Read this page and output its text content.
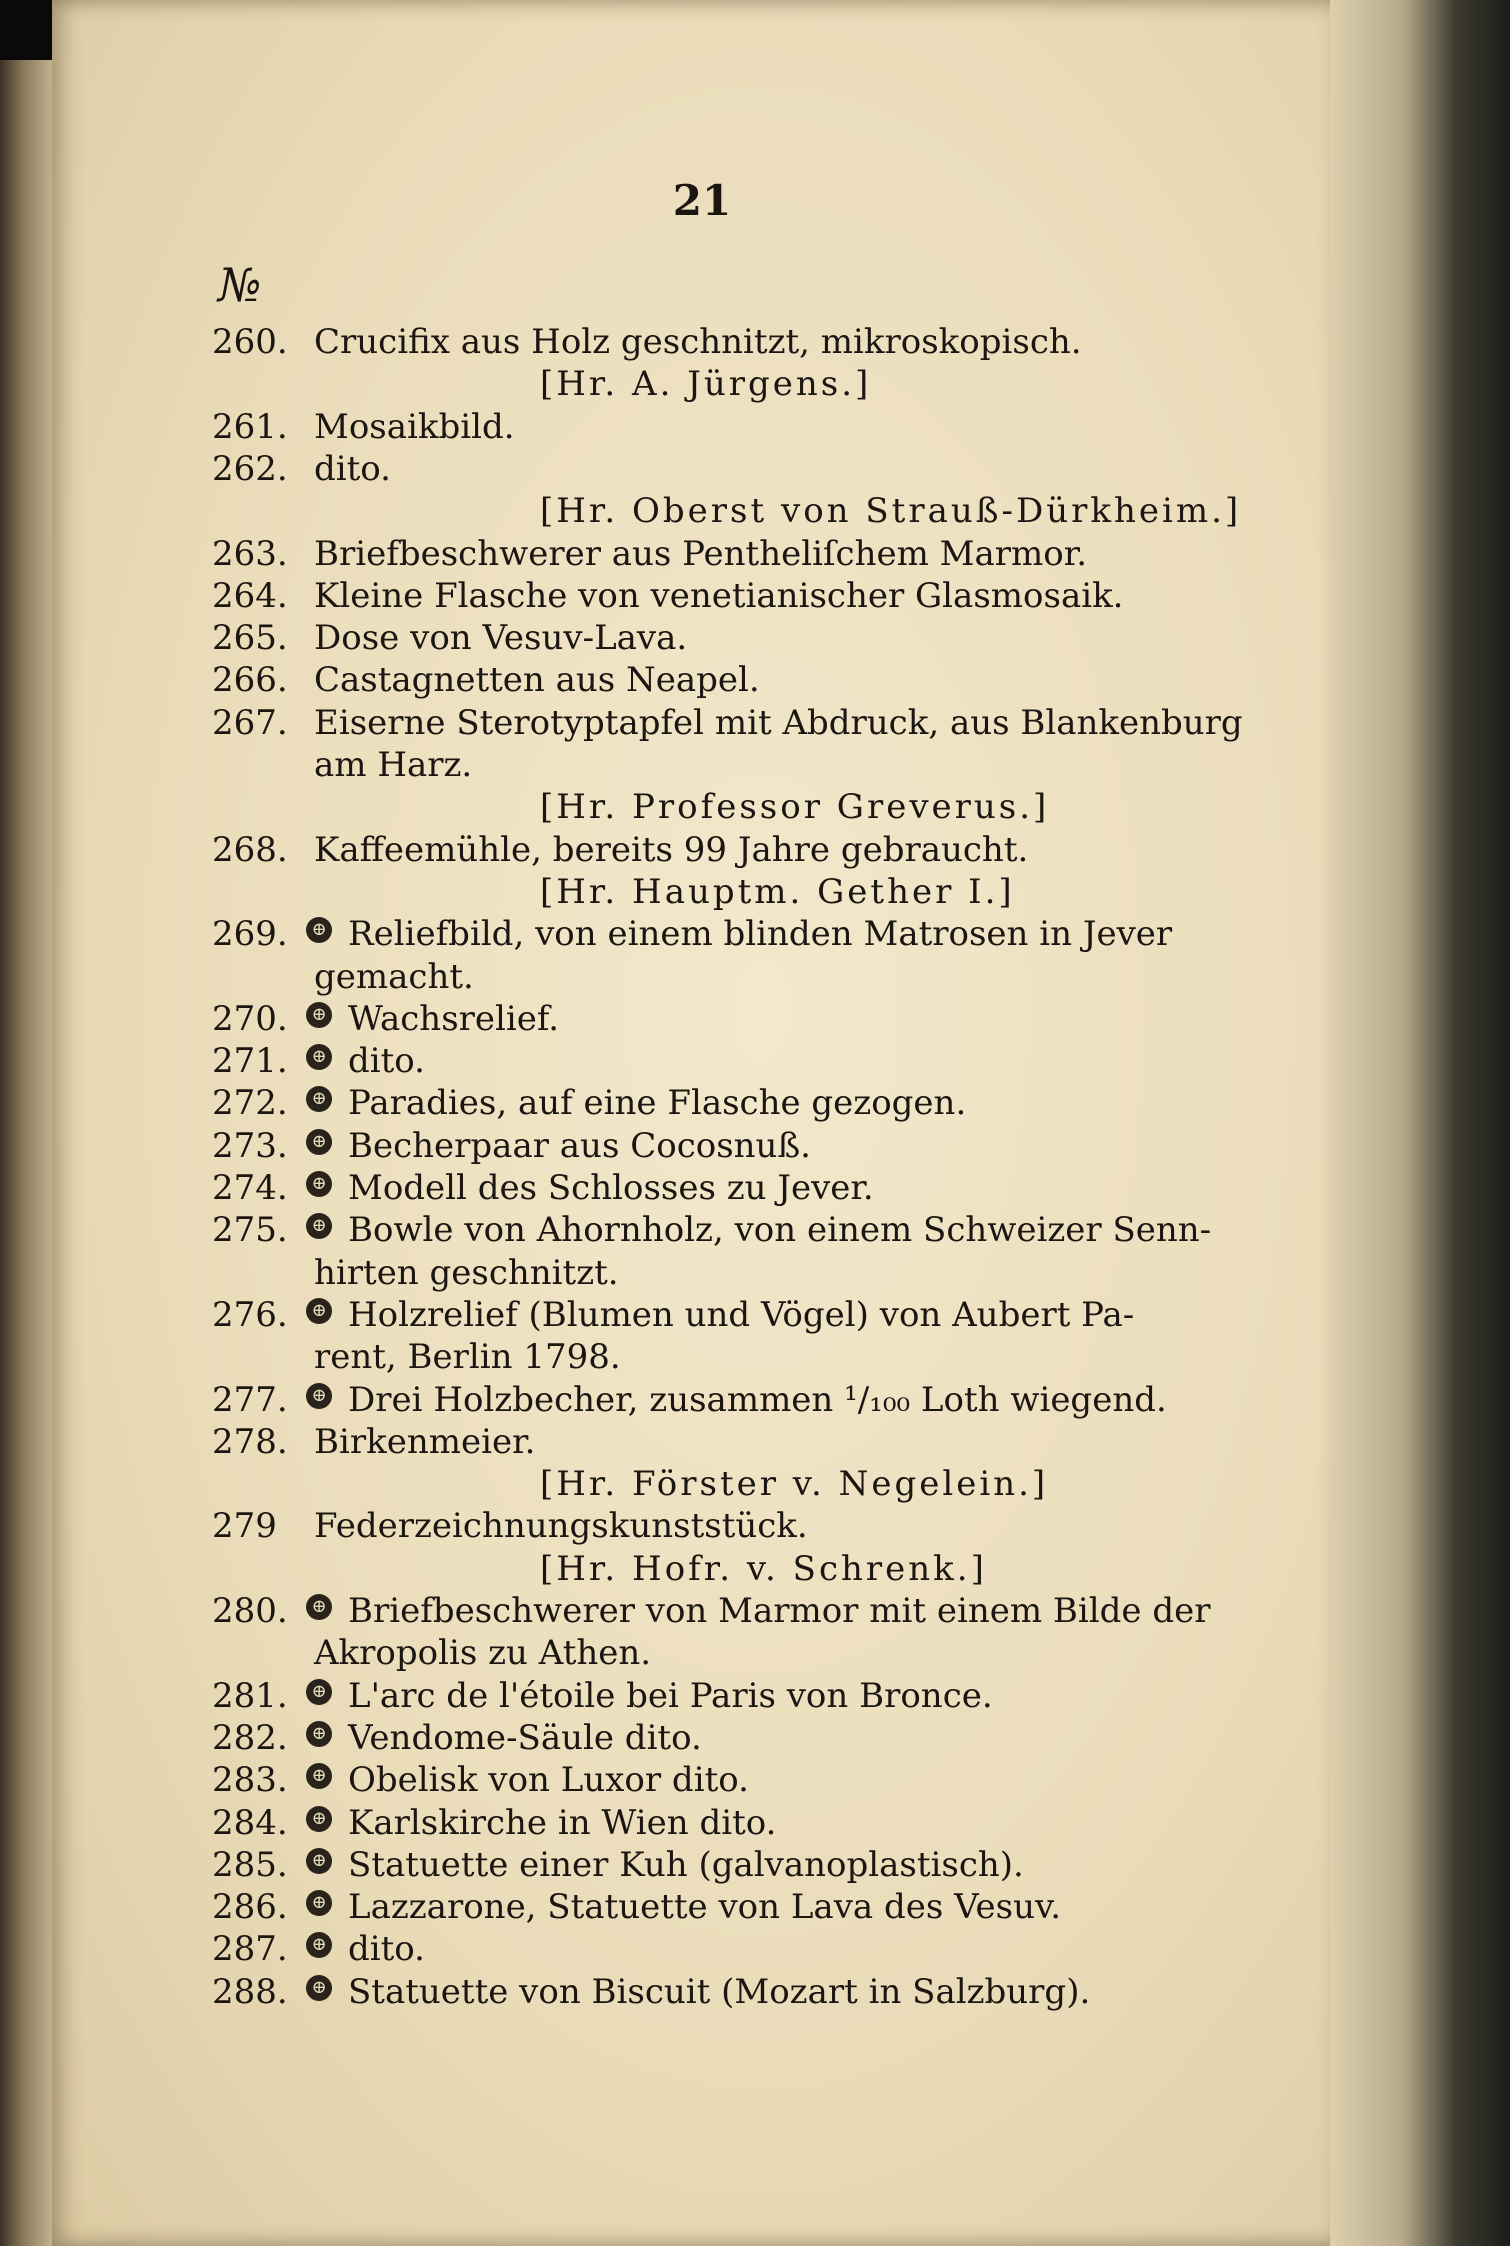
21
№
260. Crucifix aus Holz geschnitzt, mikroskopisch.
[Hr. A. Jürgens.]
261. Mosaikbild.
262. dito.
[Hr. Oberst von Strauß-Dürkheim.]
263. Briefbeschwerer aus Pentheliſchem Marmor.
264. Kleine Flasche von venetianischer Glasmosaik.
265. Dose von Vesuv-Lava.
266. Castagnetten aus Neapel.
267. Eiserne Sterotyptapfel mit Abdruck, aus Blankenburg
am Harz.
[Hr. Professor Greverus.]
268. Kaffeemühle, bereits 99 Jahre gebraucht.
[Hr. Hauptm. Gether I.]
269.	⊕ Reliefbild, von einem blinden Matrosen in Jever
gemacht.
270.	⊕ Wachsrelief.
271.	⊕ dito.
272.	⊕ Paradies, auf eine Flasche gezogen.
273.	⊕ Becherpaar aus Cocosnuß.
274.	⊕ Modell des Schlosses zu Jever.
275.	⊕ Bowle von Ahornholz, von einem Schweizer Senn-
hirten geschnitzt.
276.	⊕ Holzrelief (Blumen und Vögel) von Aubert Pa-
rent, Berlin 1798.
277.	⊕ Drei Holzbecher, zusammen ¹/₁₀₀ Loth wiegend.
278. Birkenmeier.
[Hr. Förster v. Negelein.]
279	Federzeichnungskunststück.
[Hr. Hofr. v. Schrenk.]
280.	⊕ Briefbeschwerer von Marmor mit einem Bilde der
Akropolis zu Athen.
281.	⊕ L'arc de l'étoile bei Paris von Bronce.
282.	⊕ Vendome-Säule dito.
283.	⊕ Obelisk von Luxor dito.
284.	⊕ Karlskirche in Wien dito.
285.	⊕ Statuette einer Kuh (galvanoplastisch).
286.	⊕ Lazzarone, Statuette von Lava des Vesuv.
287.	⊕ dito.
288.	⊕ Statuette von Biscuit (Mozart in Salzburg).
